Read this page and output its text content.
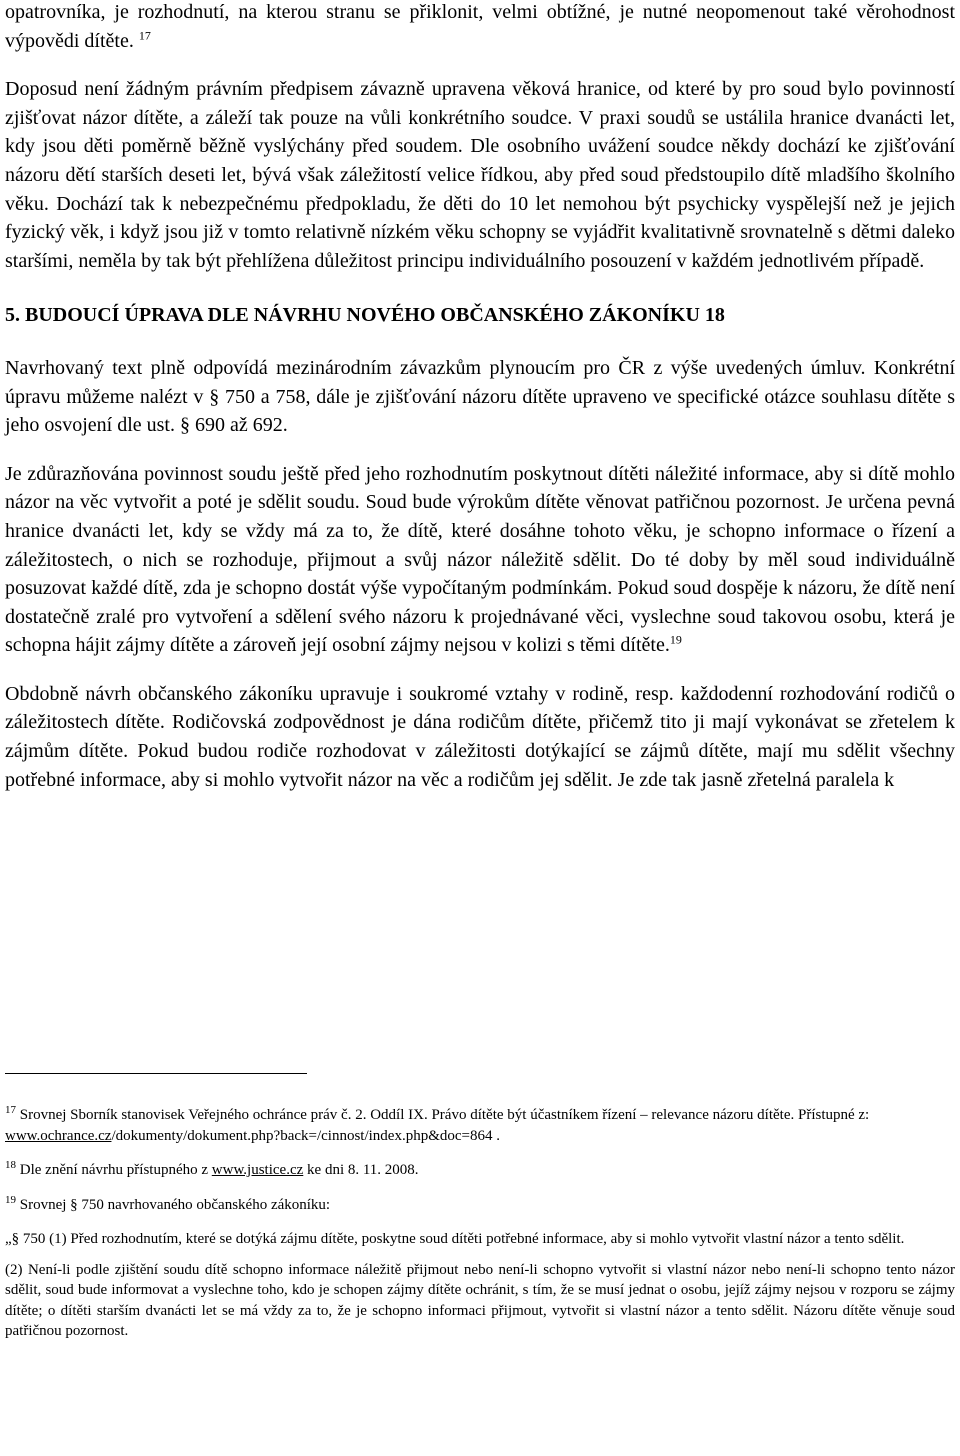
opatrovníka, je rozhodnutí, na kterou stranu se přiklonit, velmi obtížné, je nutné neopomenout také věrohodnost výpovědi dítěte. $^{17}$

Doposud není žádným právním předpisem závazně upravena věková hranice, od které by pro soud bylo povinností zjišťovat názor dítěte, a záleží tak pouze na vůli konkrétního soudce. V praxi soudů se ustálila hranice dvanácti let, kdy jsou děti poměrně běžně vyslýchány před soudem. Dle osobního uvážení soudce někdy dochází ke zjišťování názoru dětí starších deseti let, bývá však záležitostí velice řídkou, aby před soud předstoupilo dítě mladšího školního věku. Dochází tak k nebezpečnému předpokladu, že děti do 10 let nemohou být psychicky vyspělejší než je jejich fyzický věk, i když jsou již v tomto relativně nízkém věku schopny se vyjádřit kvalitativně srovnatelně s dětmi daleko staršími, neměla by tak být přehlížena důležitost principu individuálního posouzení v každém jednotlivém případě.

5. BUDOUCÍ ÚPRAVA DLE NÁVRHU NOVÉHO OBČANSKÉHO ZÁKONÍKU 18

Navrhovaný text plně odpovídá mezinárodním závazkům plynoucím pro ČR z výše uvedených úmluv. Konkrétní úpravu můžeme nalézt v § 750 a 758, dále je zjišťování názoru dítěte upraveno ve specifické otázce souhlasu dítěte s jeho osvojení dle ust. § 690 až 692.

Je zdůrazňována povinnost soudu ještě před jeho rozhodnutím poskytnout dítěti náležité informace, aby si dítě mohlo názor na věc vytvořit a poté je sdělit soudu. Soud bude výrokům dítěte věnovat patřičnou pozornost. Je určena pevná hranice dvanácti let, kdy se vždy má za to, že dítě, které dosáhne tohoto věku, je schopno informace o řízení a záležitostech, o nich se rozhoduje, přijmout a svůj názor náležitě sdělit. Do té doby by měl soud individuálně posuzovat každé dítě, zda je schopno dostát výše vypočítaným podmínkám. Pokud soud dospěje k názoru, že dítě není dostatečně zralé pro vytvoření a sdělení svého názoru k projednávané věci, vyslechne soud takovou osobu, která je schopna hájit zájmy dítěte a zároveň její osobní zájmy nejsou v kolizi s těmi dítěte.$^{19}$

Obdobně návrh občanského zákoníku upravuje i soukromé vztahy v rodině, resp. každodenní rozhodování rodičů o záležitostech dítěte. Rodičovská zodpovědnost je dána rodičům dítěte, přičemž tito ji mají vykonávat se zřetelem k zájmům dítěte. Pokud budou rodiče rozhodovat v záležitosti dotýkající se zájmů dítěte, mají mu sdělit všechny potřebné informace, aby si mohlo vytvořit názor na věc a rodičům jej sdělit. Je zde tak jasně zřetelná paralela k

$^{17}$ Srovnej Sborník stanovisek Veřejného ochránce práv č. 2. Oddíl IX. Právo dítěte být účastníkem řízení – relevance názoru dítěte. Přístupné z:
www.ochrance.cz/dokumenty/dokument.php?back=/cinnost/index.php&doc=864 .

$^{18}$ Dle znění návrhu přístupného z www.justice.cz ke dni 8. 11. 2008.

$^{19}$ Srovnej § 750 navrhovaného občanského zákoníku:

„§ 750 (1) Před rozhodnutím, které se dotýká zájmu dítěte, poskytne soud dítěti potřebné informace, aby si mohlo vytvořit vlastní názor a tento sdělit.

(2) Není-li podle zjištění soudu dítě schopno informace náležitě přijmout nebo není-li schopno vytvořit si vlastní názor nebo není-li schopno tento názor sdělit, soud bude informovat a vyslechne toho, kdo je schopen zájmy dítěte ochránit, s tím, že se musí jednat o osobu, jejíž zájmy nejsou v rozporu se zájmy dítěte; o dítěti starším dvanácti let se má vždy za to, že je schopno informaci přijmout, vytvořit si vlastní názor a tento sdělit. Názoru dítěte věnuje soud patřičnou pozornost.
